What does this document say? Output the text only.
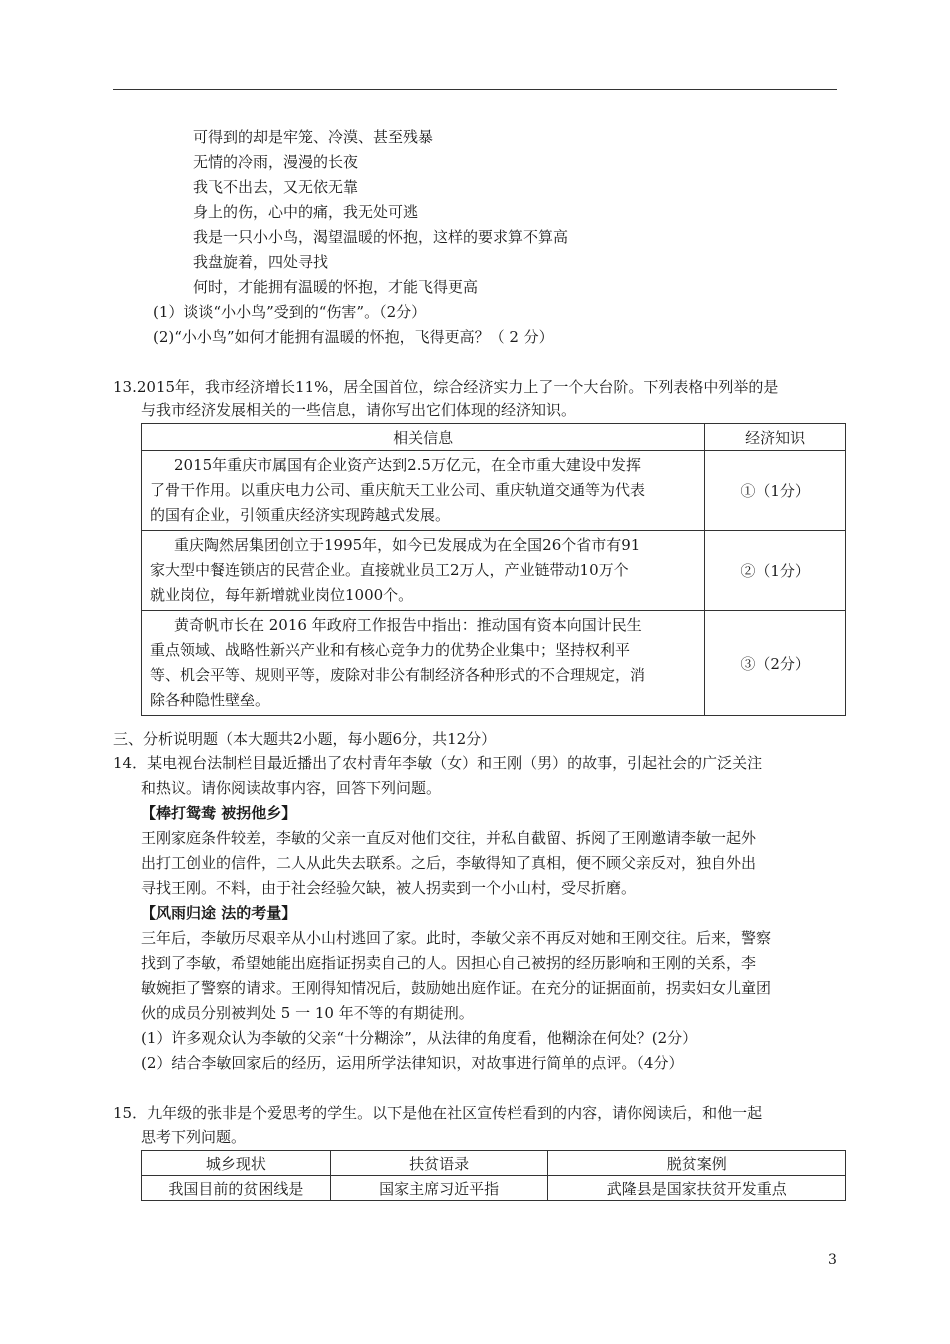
可得到的却是牢笼、冷漠、甚至残暴
无情的冷雨，漫漫的长夜
我飞不出去，又无依无靠
身上的伤，心中的痛，我无处可逃
我是一只小小鸟，渴望温暖的怀抱，这样的要求算不算高
我盘旋着，四处寻找
何时，才能拥有温暖的怀抱，才能飞得更高
(1）谈谈“小小鸟”受到的“伤害”。（2分）
(2)“小小鸟”如何才能拥有温暖的怀抱，飞得更高？（ 2 分）
13.2015年，我市经济增长11%，居全国首位，综合经济实力上了一个大台阶。下列表格中列举的是
与我市经济发展相关的一些信息，请你写出它们体现的经济知识。
相关信息	经济知识
2015年重庆市属国有企业资产达到2.5万亿元，在全市重大建设中发挥
了骨干作用。以重庆电力公司、重庆航天工业公司、重庆轨道交通等为代表
的国有企业，引领重庆经济实现跨越式发展。	①（1分）
重庆陶然居集团创立于1995年，如今已发展成为在全国26个省市有91
家大型中餐连锁店的民营企业。直接就业员工2万人，产业链带动10万个
就业岗位，每年新增就业岗位1000个。	②（1分）
黄奇帆市长在 2016 年政府工作报告中指出：推动国有资本向国计民生
重点领域、战略性新兴产业和有核心竞争力的优势企业集中；坚持权利平
等、机会平等、规则平等，废除对非公有制经济各种形式的不合理规定，消
除各种隐性壁垒。	③（2分）
三、分析说明题（本大题共2小题，每小题6分，共12分）
14．某电视台法制栏目最近播出了农村青年李敏（女）和王刚（男）的故事，引起社会的广泛关注
和热议。请你阅读故事内容，回答下列问题。
【棒打鸳鸯 被拐他乡】
王刚家庭条件较差，李敏的父亲一直反对他们交往，并私自截留、拆阅了王刚邀请李敏一起外
出打工创业的信件，二人从此失去联系。之后，李敏得知了真相，便不顾父亲反对，独自外出
寻找王刚。不料，由于社会经验欠缺，被人拐卖到一个小山村，受尽折磨。
【风雨归途 法的考量】
三年后，李敏历尽艰辛从小山村逃回了家。此时，李敏父亲不再反对她和王刚交往。后来，警察
找到了李敏，希望她能出庭指证拐卖自己的人。因担心自己被拐的经历影响和王刚的关系，李
敏婉拒了警察的请求。王刚得知情况后，鼓励她出庭作证。在充分的证据面前，拐卖妇女儿童团
伙的成员分别被判处 5 一 10 年不等的有期徒刑。
(1）许多观众认为李敏的父亲“十分糊涂”，从法律的角度看，他糊涂在何处？(2分）
(2）结合李敏回家后的经历，运用所学法律知识，对故事进行简单的点评。（4分）
15．九年级的张非是个爱思考的学生。以下是他在社区宣传栏看到的内容，请你阅读后，和他一起
思考下列问题。
城乡现状	扶贫语录	脱贫案例
我国目前的贫困线是	国家主席习近平指	武隆县是国家扶贫开发重点
3
